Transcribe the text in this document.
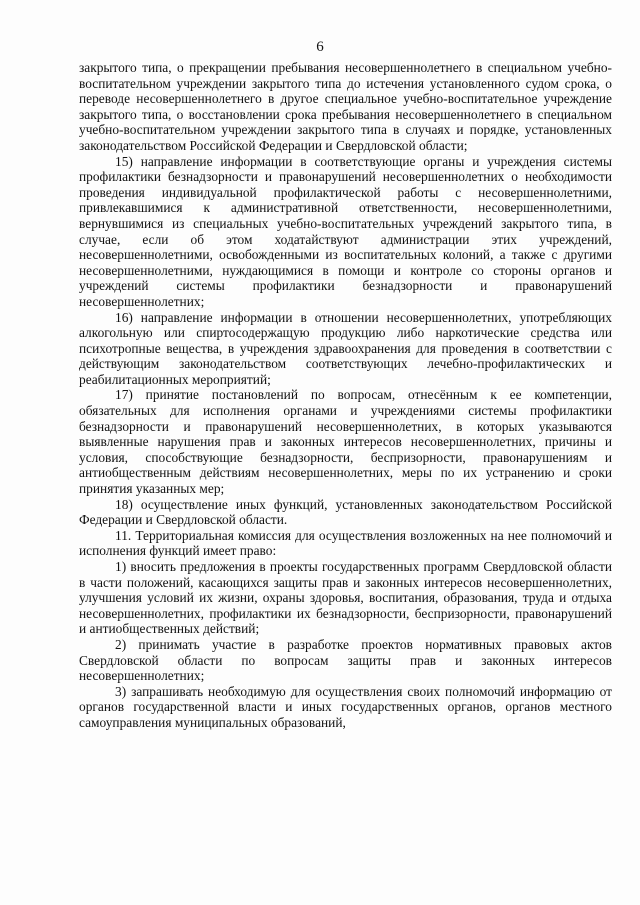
6

закрытого типа, о прекращении пребывания несовершеннолетнего в специальном учебно-воспитательном учреждении закрытого типа до истечения установленного судом срока, о переводе несовершеннолетнего в другое специальное учебно-воспитательное учреждение закрытого типа, о восстановлении срока пребывания несовершеннолетнего в специальном учебно-воспитательном учреждении закрытого типа в случаях и порядке, установленных законодательством Российской Федерации и Свердловской области;

15) направление информации в соответствующие органы и учреждения системы профилактики безнадзорности и правонарушений несовершеннолетних о необходимости проведения индивидуальной профилактической работы с несовершеннолетними, привлекавшимися к административной ответственности, несовершеннолетними, вернувшимися из специальных учебно-воспитательных учреждений закрытого типа, в случае, если об этом ходатайствуют администрации этих учреждений, несовершеннолетними, освобожденными из воспитательных колоний, а также с другими несовершеннолетними, нуждающимися в помощи и контроле со стороны органов и учреждений системы профилактики безнадзорности и правонарушений несовершеннолетних;

16) направление информации в отношении несовершеннолетних, употребляющих алкогольную или спиртосодержащую продукцию либо наркотические средства или психотропные вещества, в учреждения здравоохранения для проведения в соответствии с действующим законодательством соответствующих лечебно-профилактических и реабилитационных мероприятий;

17) принятие постановлений по вопросам, отнесённым к ее компетенции, обязательных для исполнения органами и учреждениями системы профилактики безнадзорности и правонарушений несовершеннолетних, в которых указываются выявленные нарушения прав и законных интересов несовершеннолетних, причины и условия, способствующие безнадзорности, беспризорности, правонарушениям и антиобщественным действиям несовершеннолетних, меры по их устранению и сроки принятия указанных мер;

18) осуществление иных функций, установленных законодательством Российской Федерации и Свердловской области.

11. Территориальная комиссия для осуществления возложенных на нее полномочий и исполнения функций имеет право:

1) вносить предложения в проекты государственных программ Свердловской области в части положений, касающихся защиты прав и законных интересов несовершеннолетних, улучшения условий их жизни, охраны здоровья, воспитания, образования, труда и отдыха несовершеннолетних, профилактики их безнадзорности, беспризорности, правонарушений и антиобщественных действий;

2) принимать участие в разработке проектов нормативных правовых актов Свердловской области по вопросам защиты прав и законных интересов несовершеннолетних;

3) запрашивать необходимую для осуществления своих полномочий информацию от органов государственной власти и иных государственных органов, органов местного самоуправления муниципальных образований,
